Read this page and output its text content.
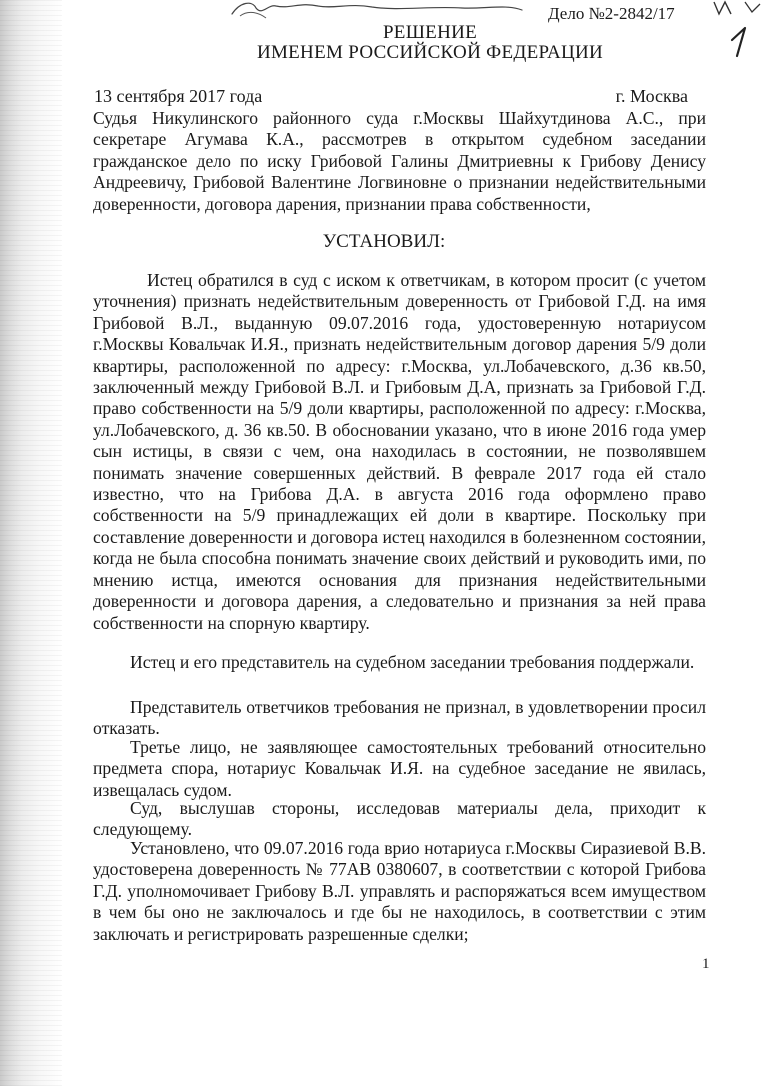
Дело №2-2842/17
РЕШЕНИЕ
ИМЕНЕМ РОССИЙСКОЙ ФЕДЕРАЦИИ
13 сентября 2017 года	г. Москва

Судья Никулинского районного суда г.Москвы Шайхутдинова А.С., при секретаре Агумава К.А., рассмотрев в открытом судебном заседании гражданское дело по иску Грибовой Галины Дмитриевны к Грибову Денису Андреевичу, Грибовой Валентине Логвиновне о признании недействительными доверенности, договора дарения, признании права собственности,

УСТАНОВИЛ:

Истец обратился в суд с иском к ответчикам, в котором просит (с учетом уточнения) признать недействительным доверенность от Грибовой Г.Д. на имя Грибовой В.Л., выданную 09.07.2016 года, удостоверенную нотариусом г.Москвы Ковальчак И.Я., признать недействительным договор дарения 5/9 доли квартиры, расположенной по адресу: г.Москва, ул.Лобачевского, д.36 кв.50, заключенный между Грибовой В.Л. и Грибовым Д.А, признать за Грибовой Г.Д. право собственности на 5/9 доли квартиры, расположенной по адресу: г.Москва, ул.Лобачевского, д. 36 кв.50. В обосновании указано, что в июне 2016 года умер сын истицы, в связи с чем, она находилась в состоянии, не позволявшем понимать значение совершенных действий. В феврале 2017 года ей стало известно, что на Грибова Д.А. в августа 2016 года оформлено право собственности на 5/9 принадлежащих ей доли в квартире. Поскольку при составление доверенности и договора истец находился в болезненном состоянии, когда не была способна понимать значение своих действий и руководить ими, по мнению истца, имеются основания для признания недействительными доверенности и договора дарения, а следовательно и признания за ней права собственности на спорную квартиру.

Истец и его представитель на судебном заседании требования поддержали.

Представитель ответчиков требования не признал, в удовлетворении просил отказать.

Третье лицо, не заявляющее самостоятельных требований относительно предмета спора, нотариус Ковальчак И.Я. на судебное заседание не явилась, извещалась судом.

Суд, выслушав стороны, исследовав материалы дела, приходит к следующему.

Установлено, что 09.07.2016 года врио нотариуса г.Москвы Сиразиевой В.В. удостоверена доверенность № 77АВ 0380607, в соответствии с которой Грибова Г.Д. уполномочивает Грибову В.Л. управлять и распоряжаться всем имуществом в чем бы оно не заключалось и где бы не находилось, в соответствии с этим заключать и регистрировать разрешенные сделки;

1
